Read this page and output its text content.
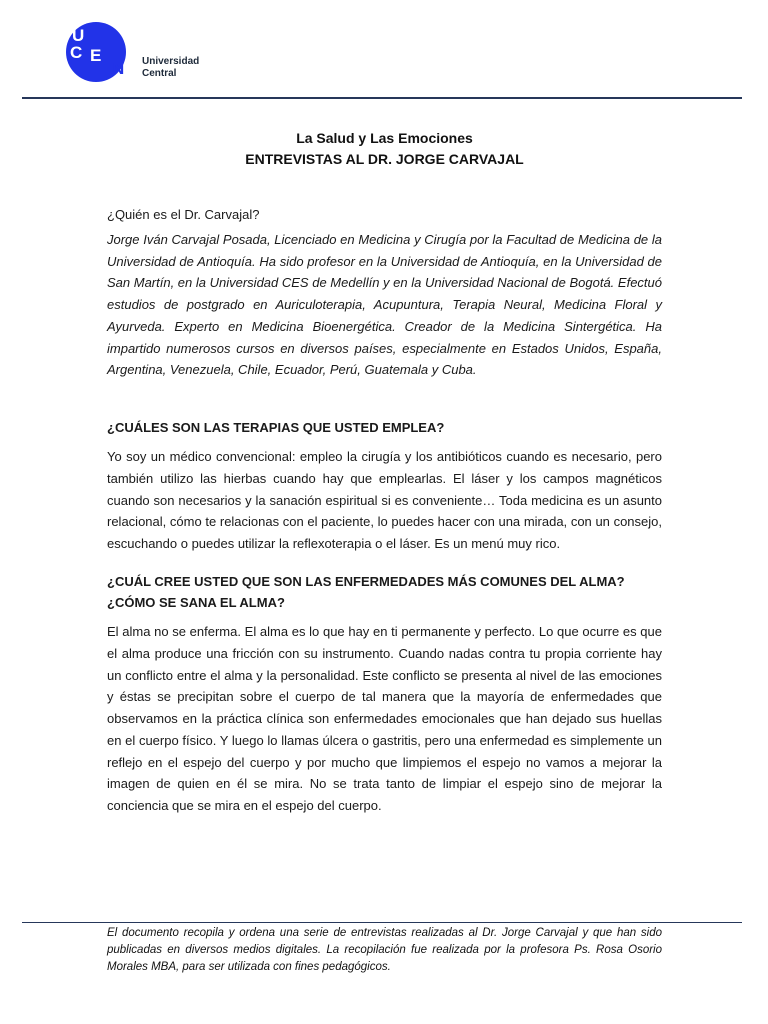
U
C E
N Universidad
Central

La Salud y Las Emociones

ENTREVISTAS AL DR. JORGE CARVAJAL

¿Quién es el Dr. Carvajal?

Jorge Iván Carvajal Posada, Licenciado en Medicina y Cirugía por la Facultad de Medicina de la Universidad de Antioquía. Ha sido profesor en la Universidad de Antioquía, en la Universidad de San Martín, en la Universidad CES de Medellín y en la Universidad Nacional de Bogotá. Efectuó estudios de postgrado en Auriculoterapia, Acupuntura, Terapia Neural, Medicina Floral y Ayurveda. Experto en Medicina Bioenergética. Creador de la Medicina Sintergética. Ha impartido numerosos cursos en diversos países, especialmente en Estados Unidos, España, Argentina, Venezuela, Chile, Ecuador, Perú, Guatemala y Cuba.

¿CUÁLES SON LAS TERAPIAS QUE USTED EMPLEA?

Yo soy un médico convencional: empleo la cirugía y los antibióticos cuando es necesario, pero también utilizo las hierbas cuando hay que emplearlas. El láser y los campos magnéticos cuando son necesarios y la sanación espiritual si es conveniente… Toda medicina es un asunto relacional, cómo te relacionas con el paciente, lo puedes hacer con una mirada, con un consejo, escuchando o puedes utilizar la reflexoterapia o el láser. Es un menú muy rico.

¿CUÁL CREE USTED QUE SON LAS ENFERMEDADES MÁS COMUNES DEL ALMA? ¿CÓMO SE SANA EL ALMA?

El alma no se enferma. El alma es lo que hay en ti permanente y perfecto. Lo que ocurre es que el alma produce una fricción con su instrumento. Cuando nadas contra tu propia corriente hay un conflicto entre el alma y la personalidad. Este conflicto se presenta al nivel de las emociones y éstas se precipitan sobre el cuerpo de tal manera que la mayoría de enfermedades que observamos en la práctica clínica son enfermedades emocionales que han dejado sus huellas en el cuerpo físico. Y luego lo llamas úlcera o gastritis, pero una enfermedad es simplemente un reflejo en el espejo del cuerpo y por mucho que limpiemos el espejo no vamos a mejorar la imagen de quien en él se mira. No se trata tanto de limpiar el espejo sino de mejorar la conciencia que se mira en el espejo del cuerpo.

El documento recopila y ordena una serie de entrevistas realizadas al Dr. Jorge Carvajal y que han sido publicadas en diversos medios digitales. La recopilación fue realizada por la profesora Ps. Rosa Osorio Morales MBA, para ser utilizada con fines pedagógicos.
